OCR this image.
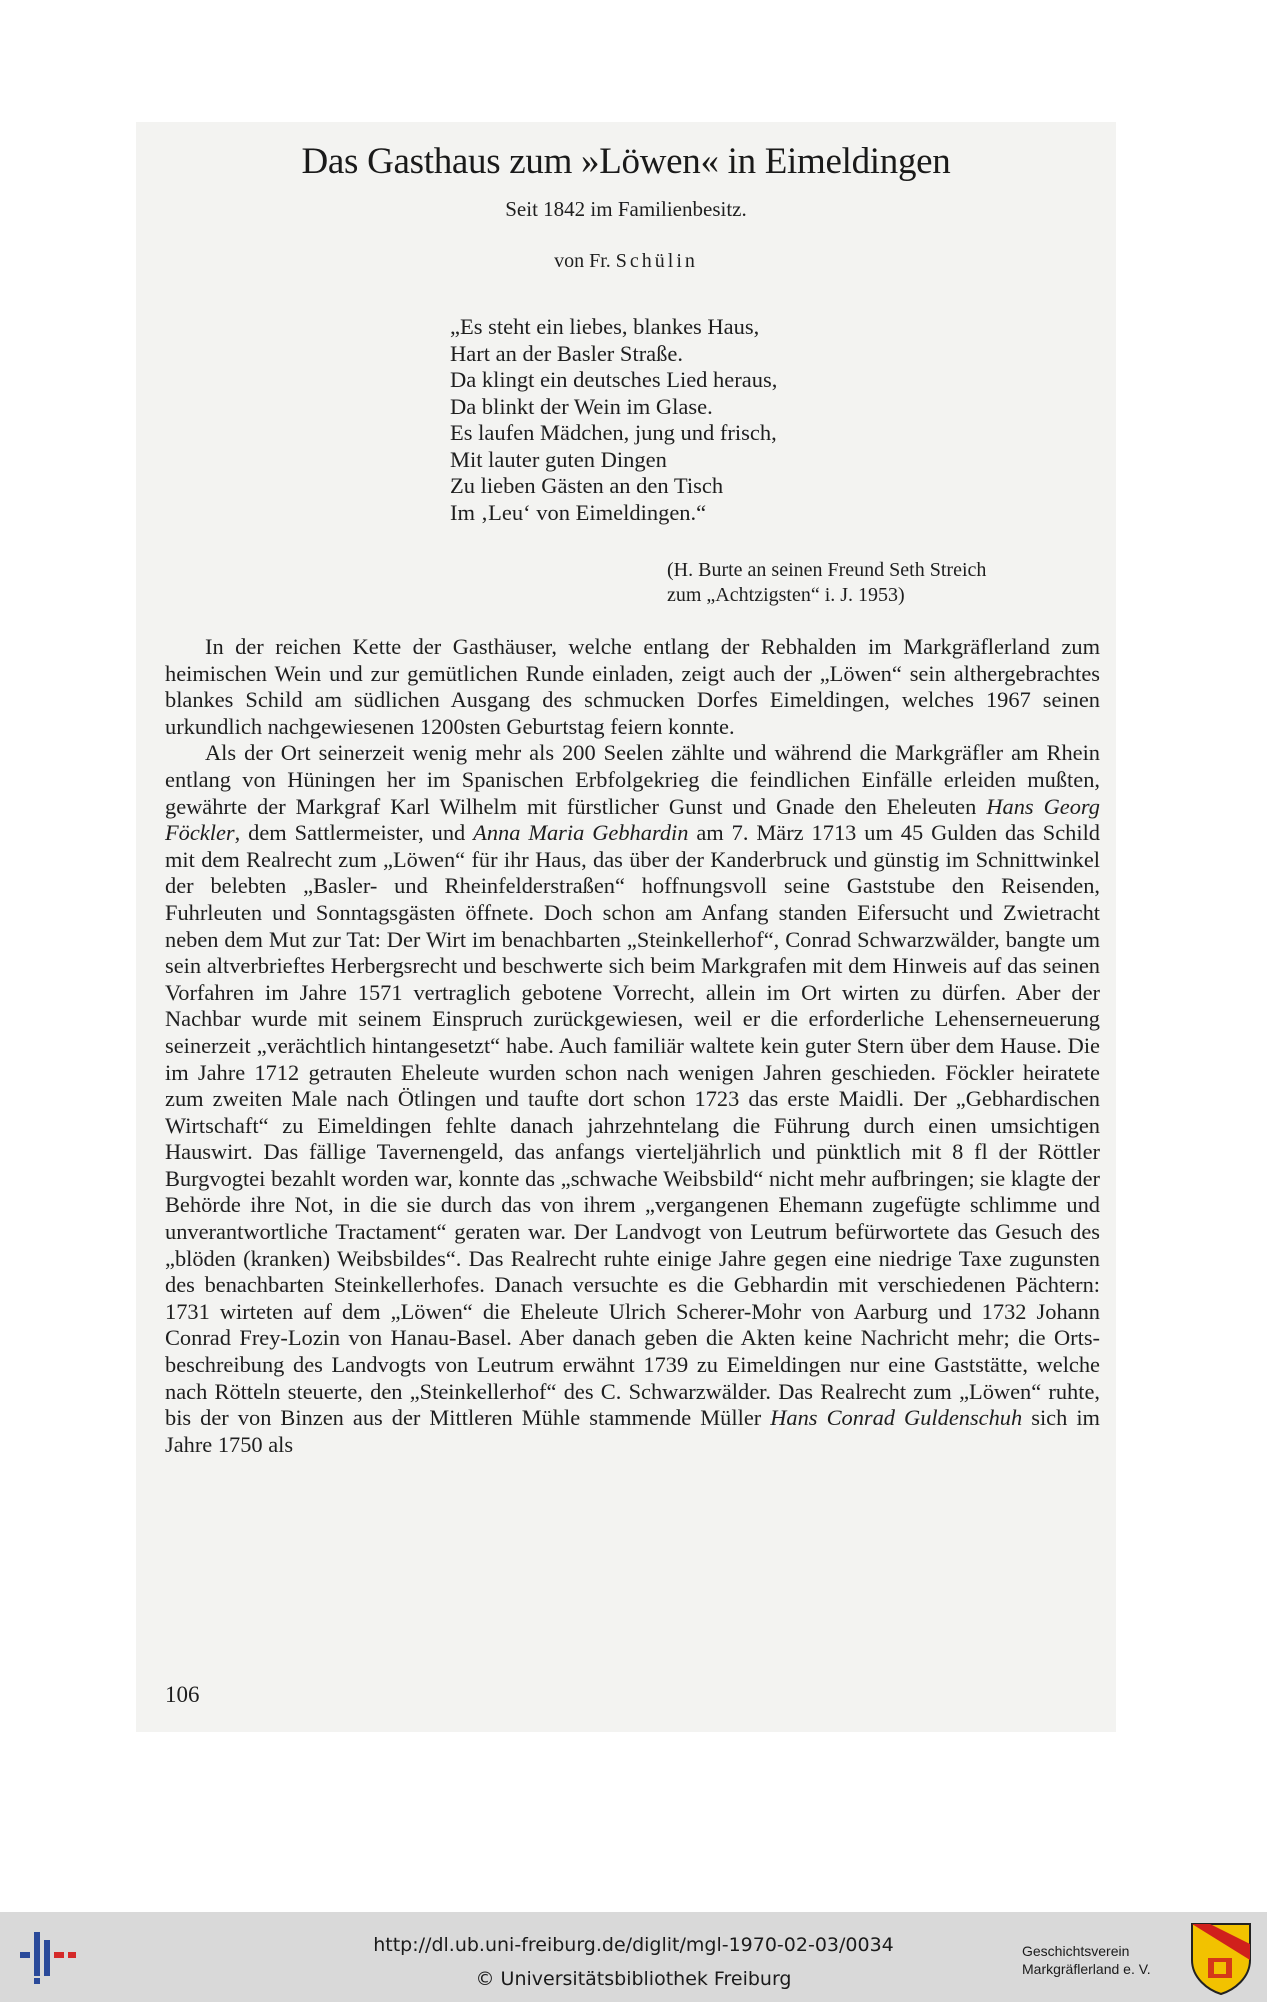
Das Gasthaus zum »Löwen« in Eimeldingen
Seit 1842 im Familienbesitz.
von Fr. Schülin
„Es steht ein liebes, blankes Haus,
Hart an der Basler Straße.
Da klingt ein deutsches Lied heraus,
Da blinkt der Wein im Glase.
Es laufen Mädchen, jung und frisch,
Mit lauter guten Dingen
Zu lieben Gästen an den Tisch
Im ‚Leu‘ von Eimeldingen.“
(H. Burte an seinen Freund Seth Streich
zum „Achtzigsten“ i. J. 1953)

In der reichen Kette der Gasthäuser, welche entlang der Rebhalden im Markgräflerland zum heimischen Wein und zur gemütlichen Runde einladen, zeigt auch der „Löwen“ sein althergebrachtes blankes Schild am südlichen Ausgang des schmucken Dorfes Eimeldingen, welches 1967 seinen urkundlich nachgewiesenen 1200sten Geburtstag feiern konnte.

Als der Ort seinerzeit wenig mehr als 200 Seelen zählte und während die Markgräfler am Rhein entlang von Hüningen her im Spanischen Erbfolgekrieg die feindlichen Einfälle erleiden mußten, gewährte der Markgraf Karl Wilhelm mit fürstlicher Gunst und Gnade den Eheleuten Hans Georg Föckler, dem Sattlermeister, und Anna Maria Gebhardin am 7. März 1713 um 45 Gulden das Schild mit dem Realrecht zum „Löwen“ für ihr Haus, das über der Kanderbruck und günstig im Schnittwinkel der belebten „Basler- und Rheinfelderstraßen“ hoffnungsvoll seine Gaststube den Reisenden, Fuhrleuten und Sonntagsgästen öffnete. Doch schon am Anfang standen Eifersucht und Zwietracht neben dem Mut zur Tat: Der Wirt im benachbarten „Steinkellerhof“, Conrad Schwarzwälder, bangte um sein altverbrieftes Herbergsrecht und beschwerte sich beim Markgrafen mit dem Hinweis auf das seinen Vorfahren im Jahre 1571 vertraglich gebotene Vorrecht, allein im Ort wirten zu dürfen. Aber der Nachbar wurde mit seinem Einspruch zurückgewiesen, weil er die erforderliche Lehenserneuerung seinerzeit „verächtlich hintangesetzt“ habe. Auch familiär waltete kein guter Stern über dem Hause. Die im Jahre 1712 getrauten Eheleute wurden schon nach wenigen Jahren geschieden. Föckler heiratete zum zweiten Male nach Ötlingen und taufte dort schon 1723 das erste Maidli. Der „Gebhardischen Wirtschaft“ zu Eimeldingen fehlte danach jahrzehntelang die Führung durch einen umsichtigen Hauswirt. Das fällige Tavernengeld, das anfangs vierteljährlich und pünktlich mit 8 fl der Röttler Burgvogtei bezahlt worden war, konnte das „schwache Weibsbild“ nicht mehr aufbringen; sie klagte der Behörde ihre Not, in die sie durch das von ihrem „vergangenen Ehemann zugefügte schlimme und unverantwortliche Tractament“ geraten war. Der Landvogt von Leutrum befürwortete das Gesuch des „blöden (kranken) Weibsbildes“. Das Realrecht ruhte einige Jahre gegen eine niedrige Taxe zugunsten des benachbarten Steinkellerhofes. Danach versuchte es die Gebhardin mit verschiedenen Pächtern: 1731 wirteten auf dem „Löwen“ die Eheleute Ulrich Scherer-Mohr von Aarburg und 1732 Johann Conrad Frey-Lozin von Hanau-Basel. Aber danach geben die Akten keine Nachricht mehr; die Ortsbeschreibung des Landvogts von Leutrum erwähnt 1739 zu Eimeldingen nur eine Gaststätte, welche nach Rötteln steuerte, den „Steinkellerhof“ des C. Schwarzwälder. Das Realrecht zum „Löwen“ ruhte, bis der von Binzen aus der Mittleren Mühle stammende Müller Hans Conrad Guldenschuh sich im Jahre 1750 als

106
http://dl.ub.uni-freiburg.de/diglit/mgl-1970-02-03/0034
© Universitätsbibliothek Freiburg
Geschichtsverein
Markgräflerland e. V.
